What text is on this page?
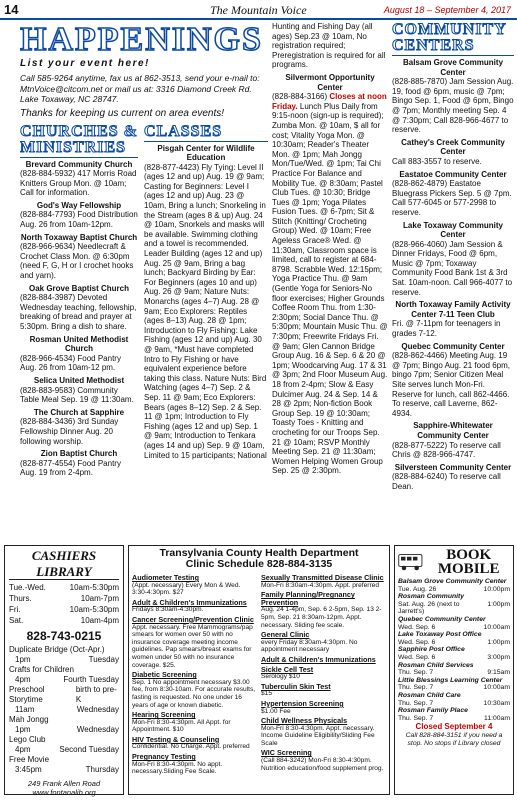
14	The Mountain Voice	August 18 – September 4, 2017
HAPPENINGS
List your event here!
Call 585-9264 anytime, fax us at 862-3513, send your e-mail to: MtnVoice@citcom.net or mail us at: 3316 Diamond Creek Rd. Lake Toxaway, NC 28747.
Thanks for keeping us current on area events!
CHURCHES & MINISTRIES
Brevard Community Church
(828-884-5932) 417 Morris Road Knitters Group Mon. @ 10am; Call for information.
God's Way Fellowship
(828-884-7793) Food Distribution Aug. 26 from 10am-12pm.
North Toxaway Baptist Church
(828-966-9634) Needlecraft & Crochet Class Mon. @ 6:30pm (need F, G, H or I crochet hooks and yarn).
Oak Grove Baptist Church
(828-884-3987) Devoted Wednesday teaching, fellowship, breaking of bread and prayer at 5:30pm. Bring a dish to share.
Rosman United Methodist Church
(828-966-4534) Food Pantry Aug. 26 from 10am-12 pm.
Selica United Methodist
(828-883-9583) Community Table Meal Sep. 19 @ 11:30am.
The Church at Sapphire
(828-884-3436) 3rd Sunday Fellowship Dinner Aug. 20 following worship.
Zion Baptist Church
(828-877-4554) Food Pantry Aug. 19 from 2-4pm.
CLASSES
Pisgah Center for Wildlife Education
(828-877-4423) Fly Tying: Level II (ages 12 and up) Aug. 19 @ 9am; Casting for Beginners: Level I (ages 12 and up) Aug. 23 @ 10am, Bring a lunch; Snorkeling in the Stream (ages 8 & up) Aug. 24 @ 10am, Snorkels and masks will be available. Swimming clothing and a towel is recommended. Leader Building (ages 12 and up) Aug. 25 @ 9am, Bring a bag lunch; Backyard Birding by Ear: For Beginners (ages 10 and up) Aug. 26 @ 9am; Nature Nuts: Monarchs (ages 4–7) Aug. 28 @ 9am; Eco Explorers: Reptiles (ages 8–13) Aug. 28 @ 1pm; Introduction to Fly Fishing: Lake Fishing (ages 12 and up) Aug. 30 @ 9am, *Must have completed Intro to Fly Fishing or have equivalent experience before taking this class. Nature Nuts: Bird Watching (ages 4–7) Sep. 2 & Sep. 11 @ 9am; Eco Explorers: Bears (ages 8–12) Sep. 2 & Sep. 11 @ 1pm; Introduction to Fly Fishing (ages 12 and up) Sep. 1 @ 9am; Introduction to Tenkara (ages 14 and up) Sep. 9 @ 10am, Limited to 15 participants; National
Hunting and Fishing Day (all ages) Sep.23 @ 10am, No registration required; Preregistration is required for all programs.
Silvermont Opportunity Center
(828-884-3166) Closes at noon Friday. Lunch Plus Daily from 9:15-noon (sign-up is required); Zumba Mon. @ 10am, $ all for cost; Vitality Yoga Mon. @ 10:30am; Reader's Theater Mon. @ 1pm; Mah Jongg Mon/Tue/Wed. @ 1pm; Tai Chi Practice For Balance and Mobility Tue. @ 8:30am; Pastel Club Tues. @ 10:30; Bridge Tues @ 1pm; Yoga Pilates Fusion Tues. @ 6-7pm; Sit & Stitch (Knitting/ Crocheting Group) Wed. @ 10am; Free Ageless Grace® Wed. @ 11:30am, Classroom space is limited, call to register at 684-8798. Scrabble Wed. 12:15pm; Yoga Practice Thu. @ 9am (Gentle Yoga for Seniors-No floor exercises; Higher Grounds Coffee Room Thu. from 1:30-2:30pm; Social Dance Thu. @ 5:30pm; Mountain Music Thu. @ 7:30pm; Freewrite Fridays Fri. @ 9am; Glen Cannon Bridge Group Aug. 16 & Sep. 6 & 20 @ 1pm; Woodcarving Aug. 17 & 31 @ 3pm; 2nd Floor Museum Aug. 18 from 2-4pm; Slow & Easy Dulcimer Aug. 24 & Sep. 14 & 28 @ 2pm; Non-fiction Book Group Sep. 19 @ 10:30am; Toasty Toes - Knitting and crocheting for our Troops Sep. 21 @ 10am; RSVP Monthly Meeting Sep. 21 @ 11:30am; Women Helping Women Group Sep. 25 @ 2:30pm.
COMMUNITY CENTERS
Balsam Grove Community Center
(828-885-7870) Jam Session Aug. 19, food @ 6pm, music @ 7pm; Bingo Sep. 1, Food @ 6pm, Bingo @ 7pm; Monthly meeting Sep. 4 @ 7:30pm; Call 828-966-4677 to reserve.
Cathey's Creek Community Center
Call 883-3557 to reserve.
Eastatoe Community Center
(828-862-4879) Eastatoe Bluegrass Pickers Sep. 5 @ 7pm. Call 577-6045 or 577-2998 to reserve.
Lake Toxaway Community Center
(828-966-4060) Jam Session & Dinner Fridays, Food @ 6pm, Music @ 7pm; Toxaway Community Food Bank 1st & 3rd Sat. 10am-noon. Call 966-4077 to reserve.
North Toxaway Family Activity Center 7-11 Teen Club
Fri. @ 7-11pm for teenagers in grades 7-12.
Quebec Community Center
(828-862-4466) Meeting Aug. 19 @ 7pm; Bingo Aug. 21 food 6pm, bingo 7pm; Senior Citizen Meal Site serves lunch Mon-Fri. Reserve for lunch, call 862-4466. To reserve, call Laverne, 862-4934.
Sapphire-Whitewater Community Center
(828-877-5222) To reserve call Chris @ 828-966-4747.
Silversteen Community Center
(828-884-6240) To reserve call Dean.
CASHIERS LIBRARY
Tue.-Wed.	10am-5:30pm
Thurs.	10am-7pm
Fri.	10am-5:30pm
Sat.	10am-4pm
828-743-0215
Duplicate Bridge (Oct-Apr.)
1pm	Tuesday
Crafts for Children
4pm	Fourth Tuesday
Preschool Storytime
birth to pre-K
11am	Wednesday
Mah Jongg
1pm	Wednesday
Lego Club
4pm	Second Tuesday
Free Movie
3:45pm	Thursday
249 Frank Allen Road
www.fontanalib.org
Transylvania County Health Department
Clinic Schedule 828-884-3135
Audiometer Testing
(Appt. necessary) Every Mon & Wed. 3:30-4:30pm. $27
Adult & Children's Immunizations
Fridays 8:30am-4:30pm.
Cancer Screening/Prevention Clinic
Appt. necessary. Free Mammograms/pap smears for women over 50 with no insurance coverage meeting income guidelines. Pap smears/breast exams for women under 50 with no insurance coverage. $25.
Diabetic Screening
Sep. 1 No appointment necessary $3.00 fee, from 8:30-10am. For accurate results, fasting is requested. No one under 16 years of age or known diabetic.
Hearing Screening
Mon-Fri 8:30-4:30pm. All Appt. for Appointment. $10
HIV Testing & Counseling
Confidential. No Charge. Appt. preferred
Pregnancy Testing
Mon-Fri 8:30-4:30pm. No appt. necessary.Sliding Fee Scale.
Sexually Transmitted Disease Clinic
Mon-Fri 8:30am-4:30pm. Appt. preferred
Family Planning/Pregnancy Prevention
Aug. 24 1-4pm, Sep. 6 2-5pm, Sep. 13 2-5pm, Sep. 21 8:30am-12pm. Appt. necessary. Sliding fee scale.
General Clinic
every Friday 8:30am-4:30pm. No appointment necessary
Adult & Children's Immunizations
Sickle Cell Test
Serology $10
Tuberculin Skin Test
$15
Hypertension Screening
$1.00 Fee
Child Wellness Physicals
Mon-Fri 8:30-4:30pm. Appt. necessary. Income Guideline Eligibility/Sliding Fee Scale
WIC Screening
(Call 884-3242) Mon-Fri 8:30-4:30pm. Nutrition education/food supplement prog.
BOOK MOBILE
Balsam Grove Community Center
Tue. Aug. 26	10:00pm
Rosman Community
Sat. Aug. 26 (next to Jarrett's)
1:00pm
Quebec Community Center
Wed. Sep. 6	10:00am
Lake Toxaway Post Office
Wed. Sep. 6	1:00pm
Sapphire Post Office
Wed. Sep. 6	3:00pm
Rosman Child Services
Thu. Sep. 7	9:15am
Little Blessings Learning Center
Thu. Sep. 7	10:00am
Rosman Child Care
Thu. Sep. 7	10:30am
Rosman Family Place
Thu. Sep. 7	11:00am
Closed September 4
Call 828-884-3151 if you need a stop. No stops if Library closed
